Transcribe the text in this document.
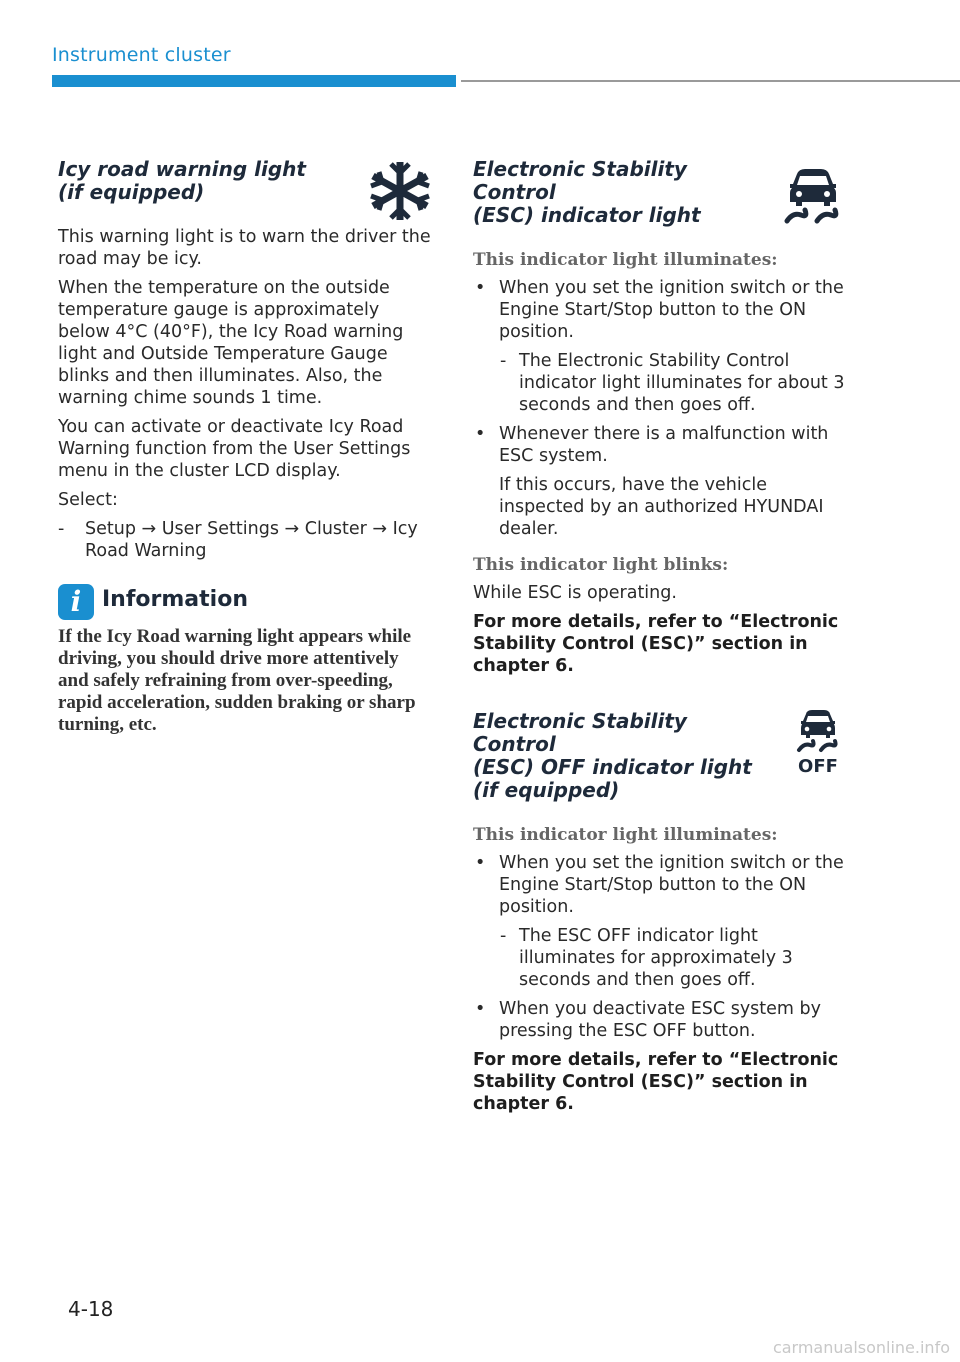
Instrument cluster
Icy road warning light
(if equipped)

This warning light is to warn the driver the road may be icy.

When the temperature on the outside temperature gauge is approximately below 4°C (40°F), the Icy Road warning light and Outside Temperature Gauge blinks and then illuminates. Also, the warning chime sounds 1 time.

You can activate or deactivate Icy Road Warning function from the User Settings menu in the cluster LCD display.

Select:

- Setup → User Settings → Cluster → Icy Road Warning
i Information

If the Icy Road warning light appears while driving, you should drive more attentively and safely refraining from over-speeding, rapid acceleration, sudden braking or sharp turning, etc.

Electronic Stability Control
(ESC) indicator light
This indicator light illuminates:
• When you set the ignition switch or the Engine Start/Stop button to the ON position.
- The Electronic Stability Control indicator light illuminates for about 3 seconds and then goes off.
• Whenever there is a malfunction with ESC system.
If this occurs, have the vehicle inspected by an authorized HYUNDAI dealer.
This indicator light blinks:

While ESC is operating.

For more details, refer to “Electronic Stability Control (ESC)” section in chapter 6.

Electronic Stability Control
(ESC) OFF indicator light
(if equipped)
OFF
This indicator light illuminates:
• When you set the ignition switch or the Engine Start/Stop button to the ON position.
- The ESC OFF indicator light illuminates for approximately 3 seconds and then goes off.
• When you deactivate ESC system by pressing the ESC OFF button.

For more details, refer to “Electronic Stability Control (ESC)” section in chapter 6.

4-18
carmanualsonline.info
